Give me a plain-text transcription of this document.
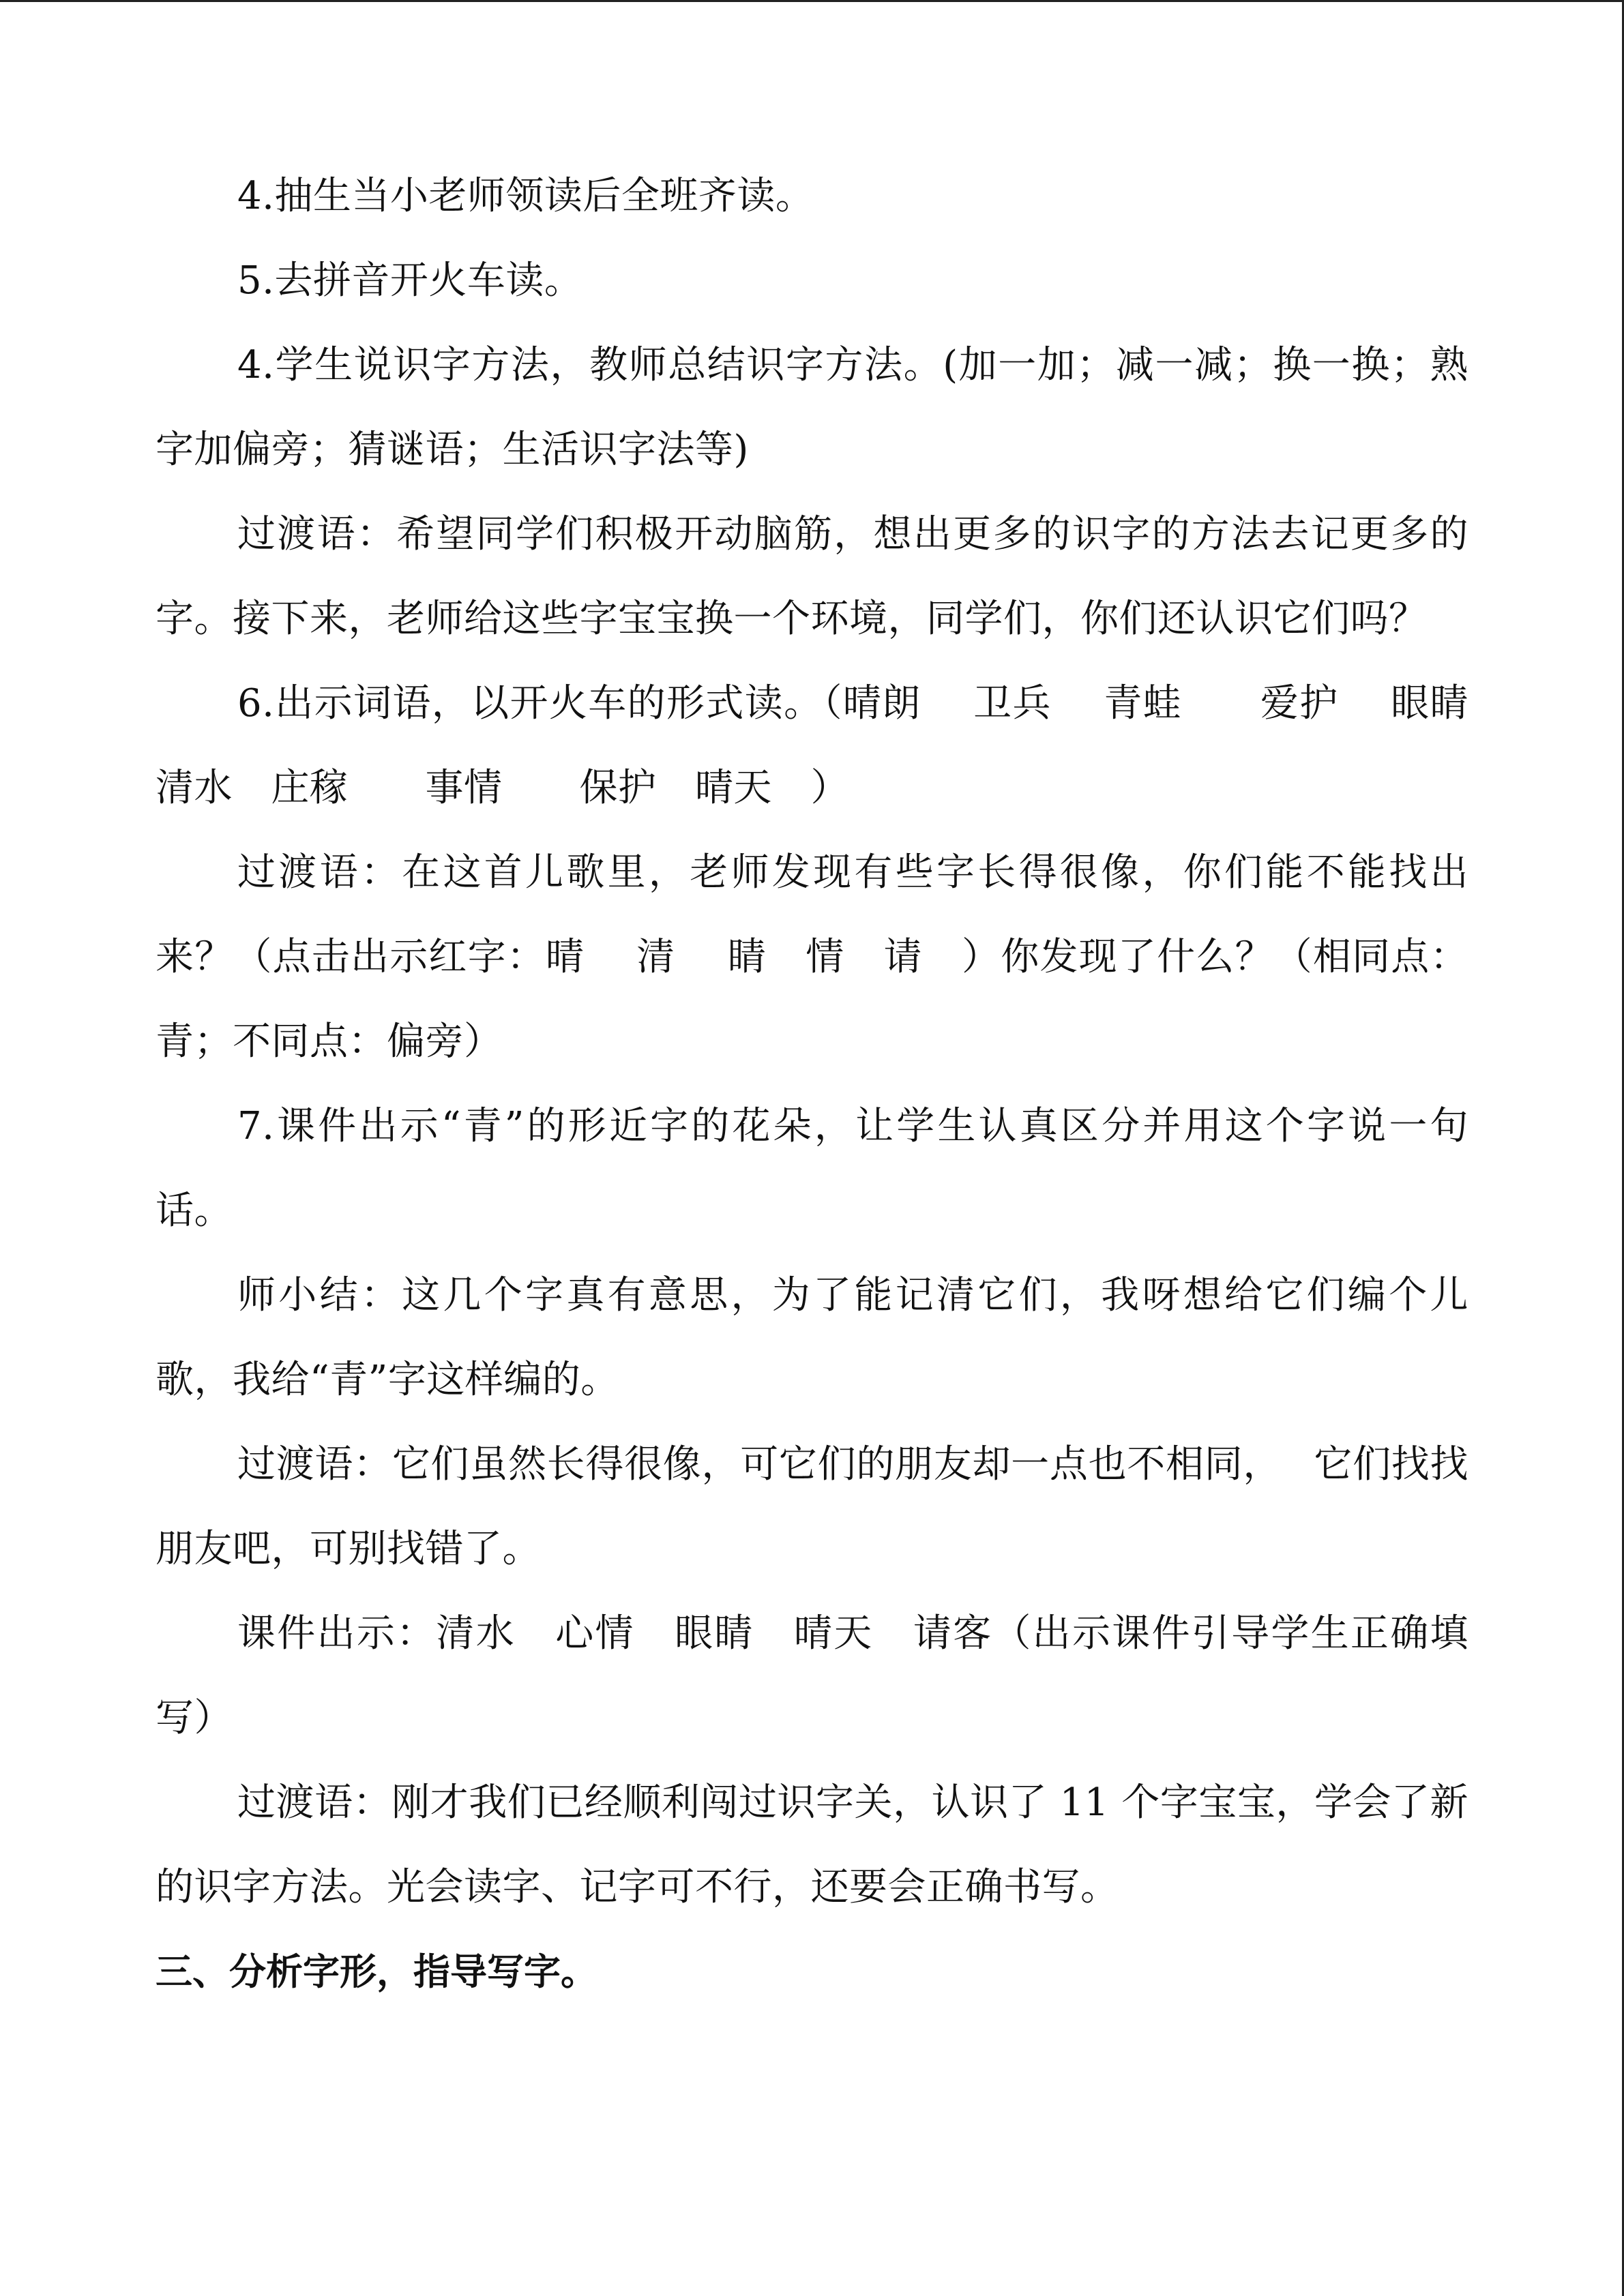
4.抽生当小老师领读后全班齐读。

5.去拼音开火车读。

4.学生说识字方法，教师总结识字方法。(加一加；减一减；换一换；熟字加偏旁；猜谜语；生活识字法等)

过渡语：希望同学们积极开动脑筋，想出更多的识字的方法去记更多的字。接下来，老师给这些字宝宝换一个环境，同学们，你们还认识它们吗？

6.出示词语，以开火车的形式读。（晴朗　 卫兵　 青蛙　　爱护　 眼睛　清水　庄稼　　事情　　保护　晴天　）

过渡语：在这首儿歌里，老师发现有些字长得很像，你们能不能找出来？（点击出示红字：晴　 清　 睛　情　请　）你发现了什么？（相同点：青；不同点：偏旁）

7.课件出示“青”的形近字的花朵，让学生认真区分并用这个字说一句话。

师小结：这几个字真有意思，为了能记清它们，我呀想给它们编个儿歌，我给“青”字这样编的。

过渡语：它们虽然长得很像，可它们的朋友却一点也不相同，　 它们找找朋友吧，可别找错了。

课件出示：清水　心情　眼睛　晴天　请客（出示课件引导学生正确填写）

过渡语：刚才我们已经顺利闯过识字关，认识了 11 个字宝宝，学会了新的识字方法。光会读字、记字可不行，还要会正确书写。

三、分析字形，指导写字。
